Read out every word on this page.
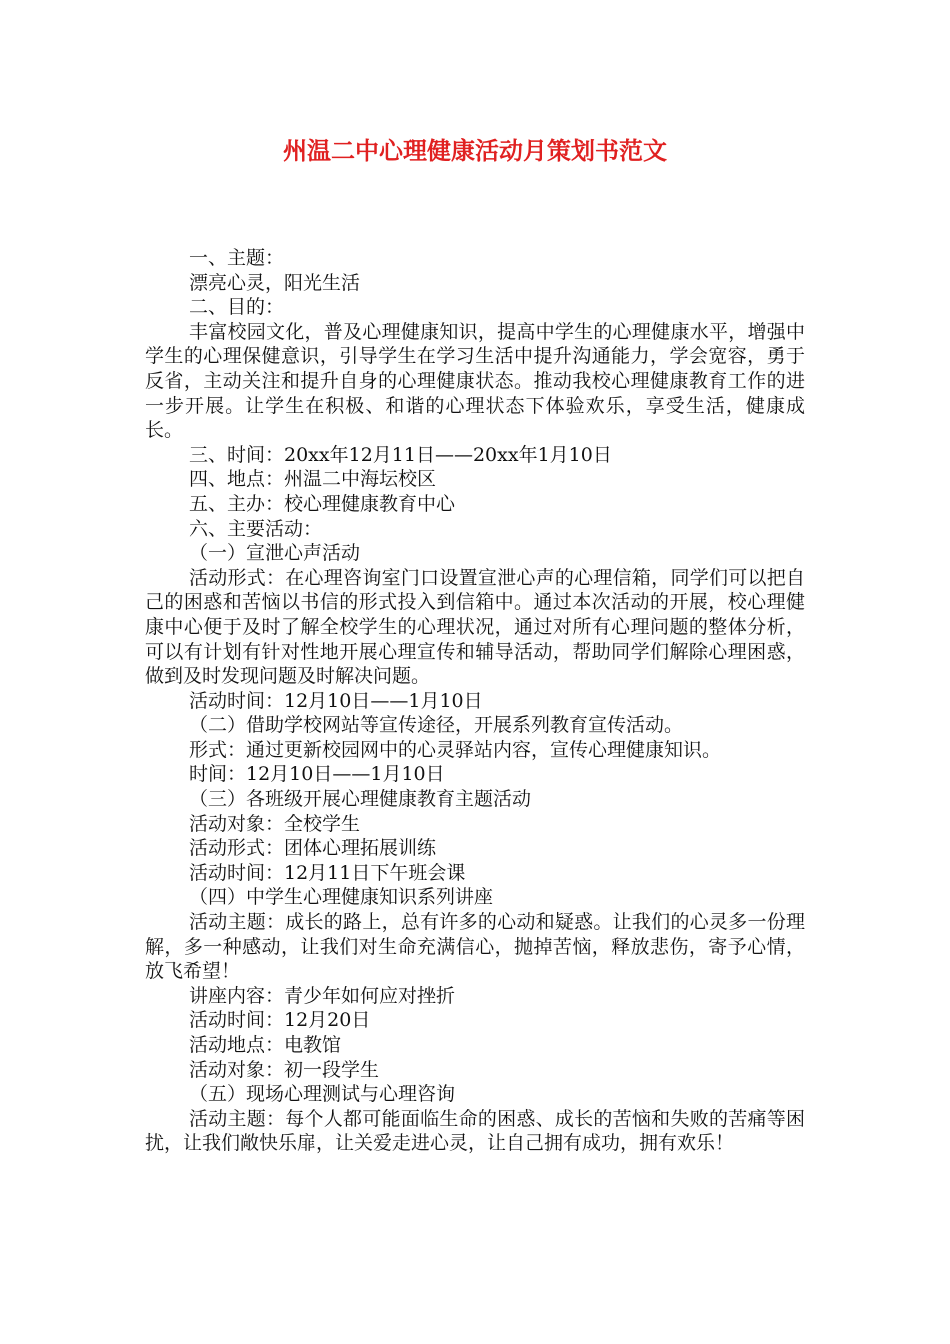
州温二中心理健康活动月策划书范文

一、主题：

漂亮心灵，阳光生活

二、目的：

丰富校园文化，普及心理健康知识，提高中学生的心理健康水平，增强中学生的心理保健意识，引导学生在学习生活中提升沟通能力，学会宽容，勇于反省，主动关注和提升自身的心理健康状态。推动我校心理健康教育工作的进一步开展。让学生在积极、和谐的心理状态下体验欢乐，享受生活，健康成长。

三、时间：20xx年12月11日——20xx年1月10日

四、地点：州温二中海坛校区

五、主办：校心理健康教育中心

六、主要活动：

（一）宣泄心声活动

活动形式：在心理咨询室门口设置宣泄心声的心理信箱，同学们可以把自己的困惑和苦恼以书信的形式投入到信箱中。通过本次活动的开展，校心理健康中心便于及时了解全校学生的心理状况，通过对所有心理问题的整体分析，可以有计划有针对性地开展心理宣传和辅导活动，帮助同学们解除心理困惑，做到及时发现问题及时解决问题。

活动时间：12月10日——1月10日

（二）借助学校网站等宣传途径，开展系列教育宣传活动。

形式：通过更新校园网中的心灵驿站内容，宣传心理健康知识。

时间：12月10日——1月10日

（三）各班级开展心理健康教育主题活动

活动对象：全校学生

活动形式：团体心理拓展训练

活动时间：12月11日下午班会课

（四）中学生心理健康知识系列讲座

活动主题：成长的路上，总有许多的心动和疑惑。让我们的心灵多一份理解，多一种感动，让我们对生命充满信心，抛掉苦恼，释放悲伤，寄予心情，放飞希望！

讲座内容：青少年如何应对挫折

活动时间：12月20日

活动地点：电教馆

活动对象：初一段学生

（五）现场心理测试与心理咨询

活动主题：每个人都可能面临生命的困惑、成长的苦恼和失败的苦痛等困扰，让我们敞快乐扉，让关爱走进心灵，让自己拥有成功，拥有欢乐！
